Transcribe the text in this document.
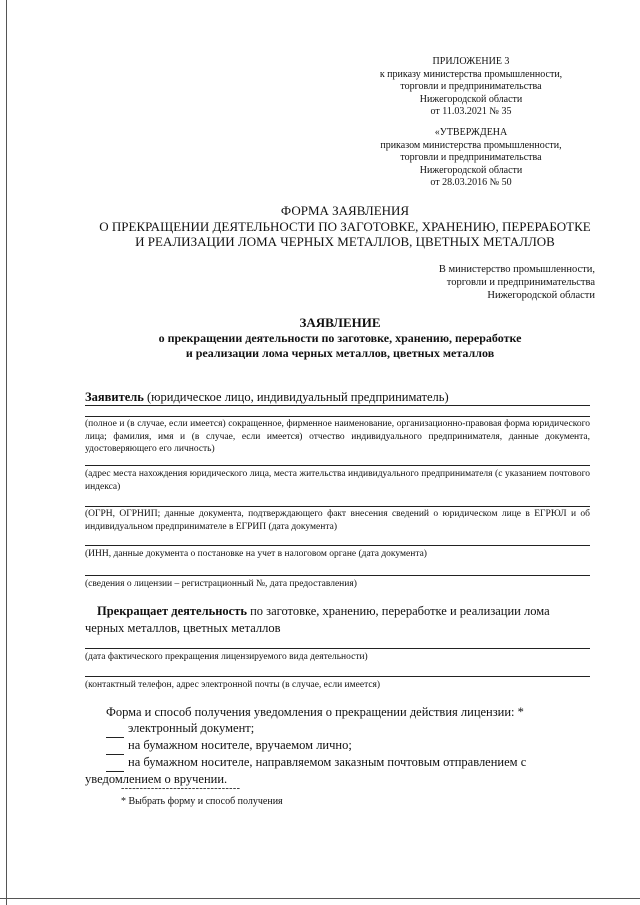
ПРИЛОЖЕНИЕ 3
к приказу министерства промышленности,
торговли и предпринимательства
Нижегородской области
от 11.03.2021 № 35
«УТВЕРЖДЕНА
приказом министерства промышленности,
торговли и предпринимательства
Нижегородской области
от 28.03.2016 № 50
ФОРМА ЗАЯВЛЕНИЯ
О ПРЕКРАЩЕНИИ ДЕЯТЕЛЬНОСТИ ПО ЗАГОТОВКЕ, ХРАНЕНИЮ, ПЕРЕРАБОТКЕ
И РЕАЛИЗАЦИИ ЛОМА ЧЕРНЫХ МЕТАЛЛОВ, ЦВЕТНЫХ МЕТАЛЛОВ
В министерство промышленности,
торговли и предпринимательства
Нижегородской области
ЗАЯВЛЕНИЕ
о прекращении деятельности по заготовке, хранению, переработке
и реализации лома черных металлов, цветных металлов
Заявитель (юридическое лицо, индивидуальный предприниматель)
(полное и (в случае, если имеется) сокращенное, фирменное наименование, организационно-правовая форма юридического лица; фамилия, имя и (в случае, если имеется) отчество индивидуального предпринимателя, данные документа, удостоверяющего его личность)
(адрес места нахождения юридического лица, места жительства индивидуального предпринимателя (с указанием почтового индекса)
(ОГРН, ОГРНИП; данные документа, подтверждающего факт внесения сведений о юридическом лице в ЕГРЮЛ и об индивидуальном предпринимателе в ЕГРИП (дата документа)
(ИНН, данные документа о постановке на учет в налоговом органе (дата документа)
(сведения о лицензии – регистрационный №, дата предоставления)
Прекращает деятельность по заготовке, хранению, переработке и реализации лома черных металлов, цветных металлов
(дата фактического прекращения лицензируемого вида деятельности)
(контактный телефон, адрес электронной почты (в случае, если имеется)
Форма и способ получения уведомления о прекращении действия лицензии: *
электронный документ;
на бумажном носителе, вручаемом лично;
на бумажном носителе, направляемом заказным почтовым отправлением с
уведомлением о вручении.
--------------------------------
* Выбрать форму и способ получения
